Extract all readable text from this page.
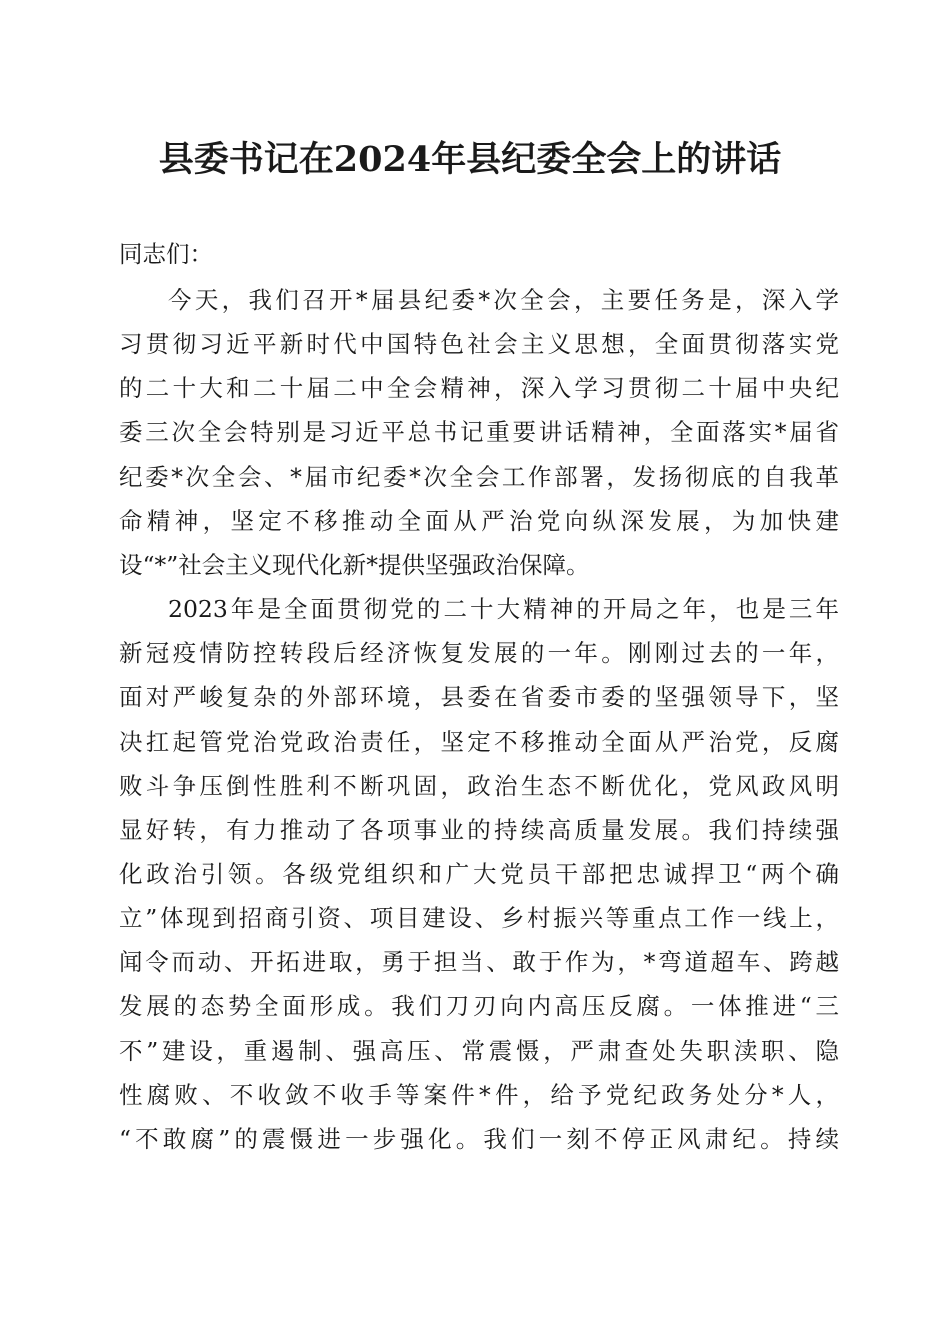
县委书记在2024年县纪委全会上的讲话
同志们：
今天，我们召开*届县纪委*次全会，主要任务是，深入学
习贯彻习近平新时代中国特色社会主义思想，全面贯彻落实党
的二十大和二十届二中全会精神，深入学习贯彻二十届中央纪
委三次全会特别是习近平总书记重要讲话精神，全面落实*届省
纪委*次全会、*届市纪委*次全会工作部署，发扬彻底的自我革
命精神，坚定不移推动全面从严治党向纵深发展，为加快建
设“*”社会主义现代化新*提供坚强政治保障。
2023年是全面贯彻党的二十大精神的开局之年，也是三年
新冠疫情防控转段后经济恢复发展的一年。刚刚过去的一年，
面对严峻复杂的外部环境，县委在省委市委的坚强领导下，坚
决扛起管党治党政治责任，坚定不移推动全面从严治党，反腐
败斗争压倒性胜利不断巩固，政治生态不断优化，党风政风明
显好转，有力推动了各项事业的持续高质量发展。我们持续强
化政治引领。各级党组织和广大党员干部把忠诚捍卫“两个确
立”体现到招商引资、项目建设、乡村振兴等重点工作一线上，
闻令而动、开拓进取，勇于担当、敢于作为，*弯道超车、跨越
发展的态势全面形成。我们刀刃向内高压反腐。一体推进“三
不”建设，重遏制、强高压、常震慑，严肃查处失职渎职、隐
性腐败、不收敛不收手等案件*件，给予党纪政务处分*人，
“不敢腐”的震慑进一步强化。我们一刻不停正风肃纪。持续
